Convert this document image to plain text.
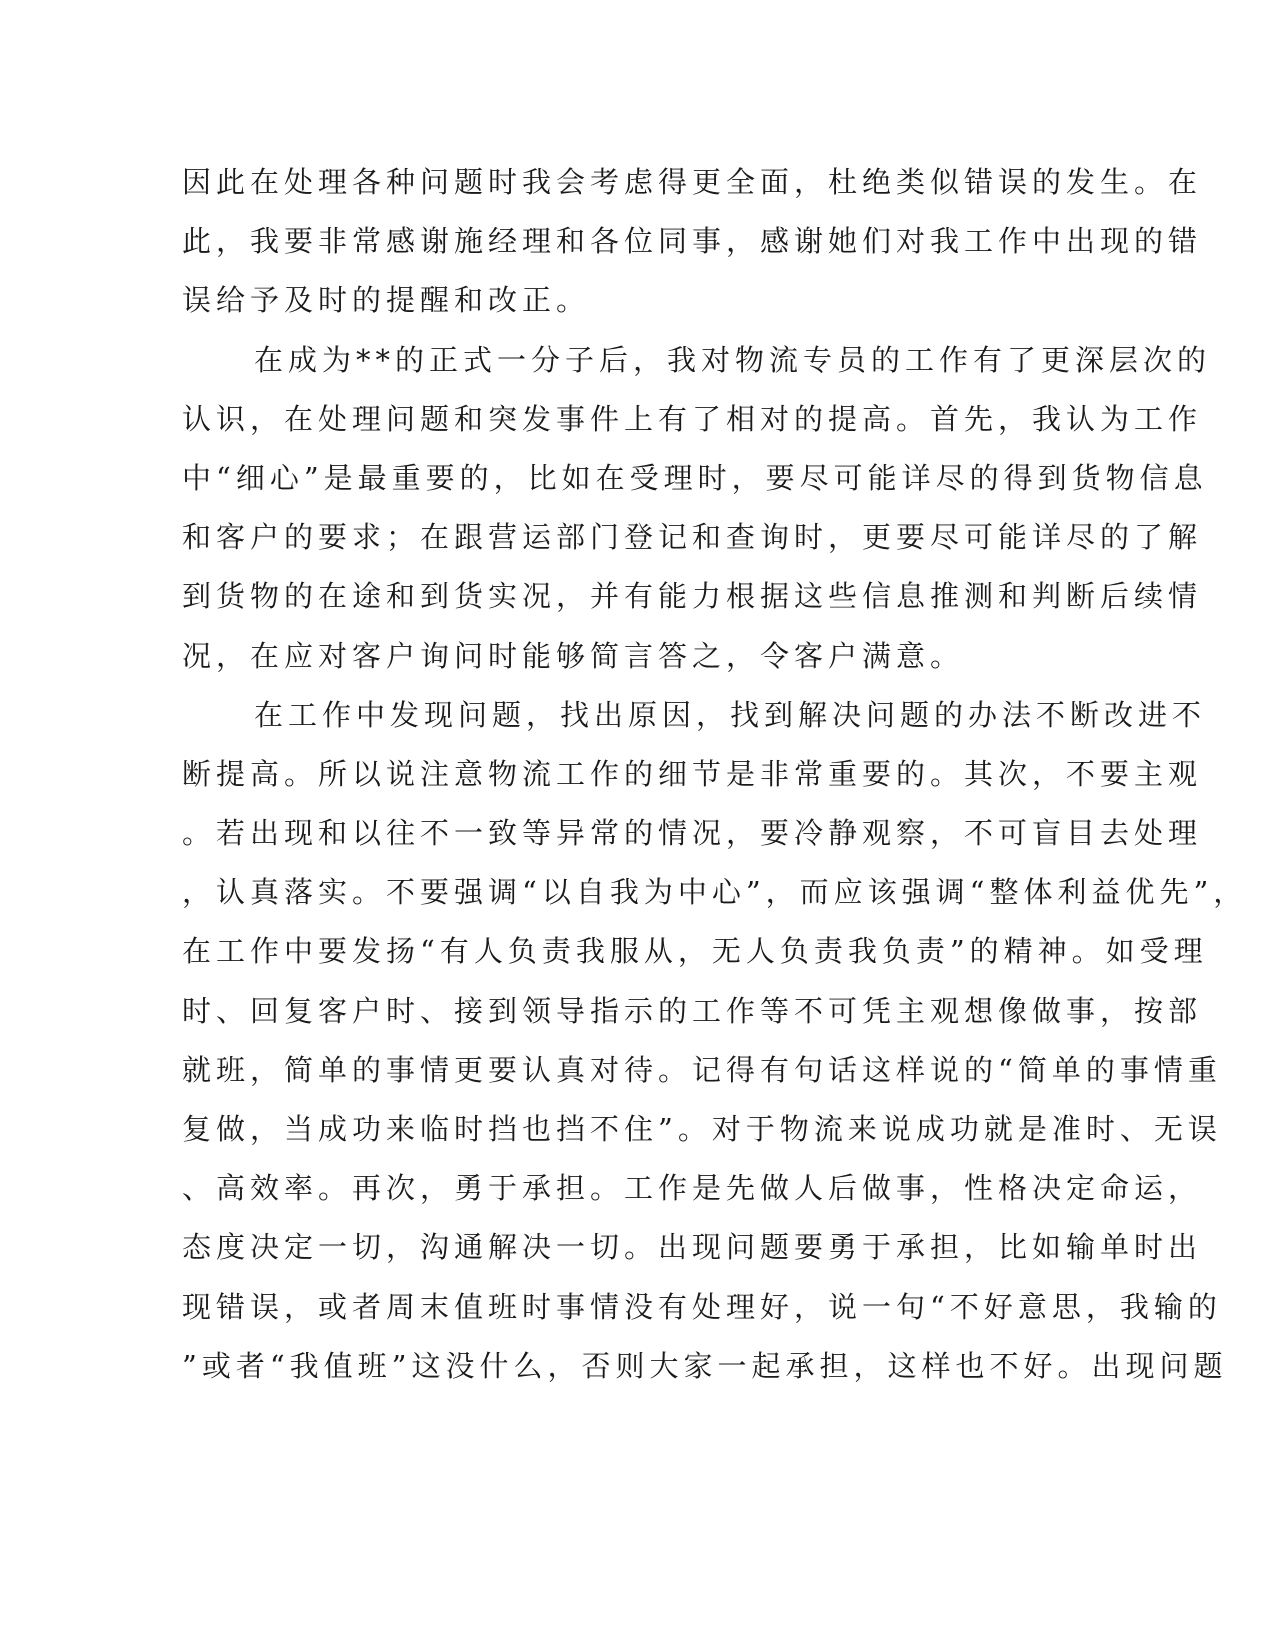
因此在处理各种问题时我会考虑得更全面，杜绝类似错误的发生。在
此，我要非常感谢施经理和各位同事，感谢她们对我工作中出现的错
误给予及时的提醒和改正。
在成为**的正式一分子后，我对物流专员的工作有了更深层次的
认识，在处理问题和突发事件上有了相对的提高。首先，我认为工作
中“细心”是最重要的，比如在受理时，要尽可能详尽的得到货物信息
和客户的要求；在跟营运部门登记和查询时，更要尽可能详尽的了解
到货物的在途和到货实况，并有能力根据这些信息推测和判断后续情
况，在应对客户询问时能够简言答之，令客户满意。
在工作中发现问题，找出原因，找到解决问题的办法不断改进不
断提高。所以说注意物流工作的细节是非常重要的。其次，不要主观
。若出现和以往不一致等异常的情况，要冷静观察，不可盲目去处理
，认真落实。不要强调“以自我为中心”，而应该强调“整体利益优先”，
在工作中要发扬“有人负责我服从，无人负责我负责”的精神。如受理
时、回复客户时、接到领导指示的工作等不可凭主观想像做事，按部
就班，简单的事情更要认真对待。记得有句话这样说的“简单的事情重
复做，当成功来临时挡也挡不住”。对于物流来说成功就是准时、无误
、高效率。再次，勇于承担。工作是先做人后做事，性格决定命运，
态度决定一切，沟通解决一切。出现问题要勇于承担，比如输单时出
现错误，或者周末值班时事情没有处理好，说一句“不好意思，我输的
”或者“我值班”这没什么，否则大家一起承担，这样也不好。出现问题
